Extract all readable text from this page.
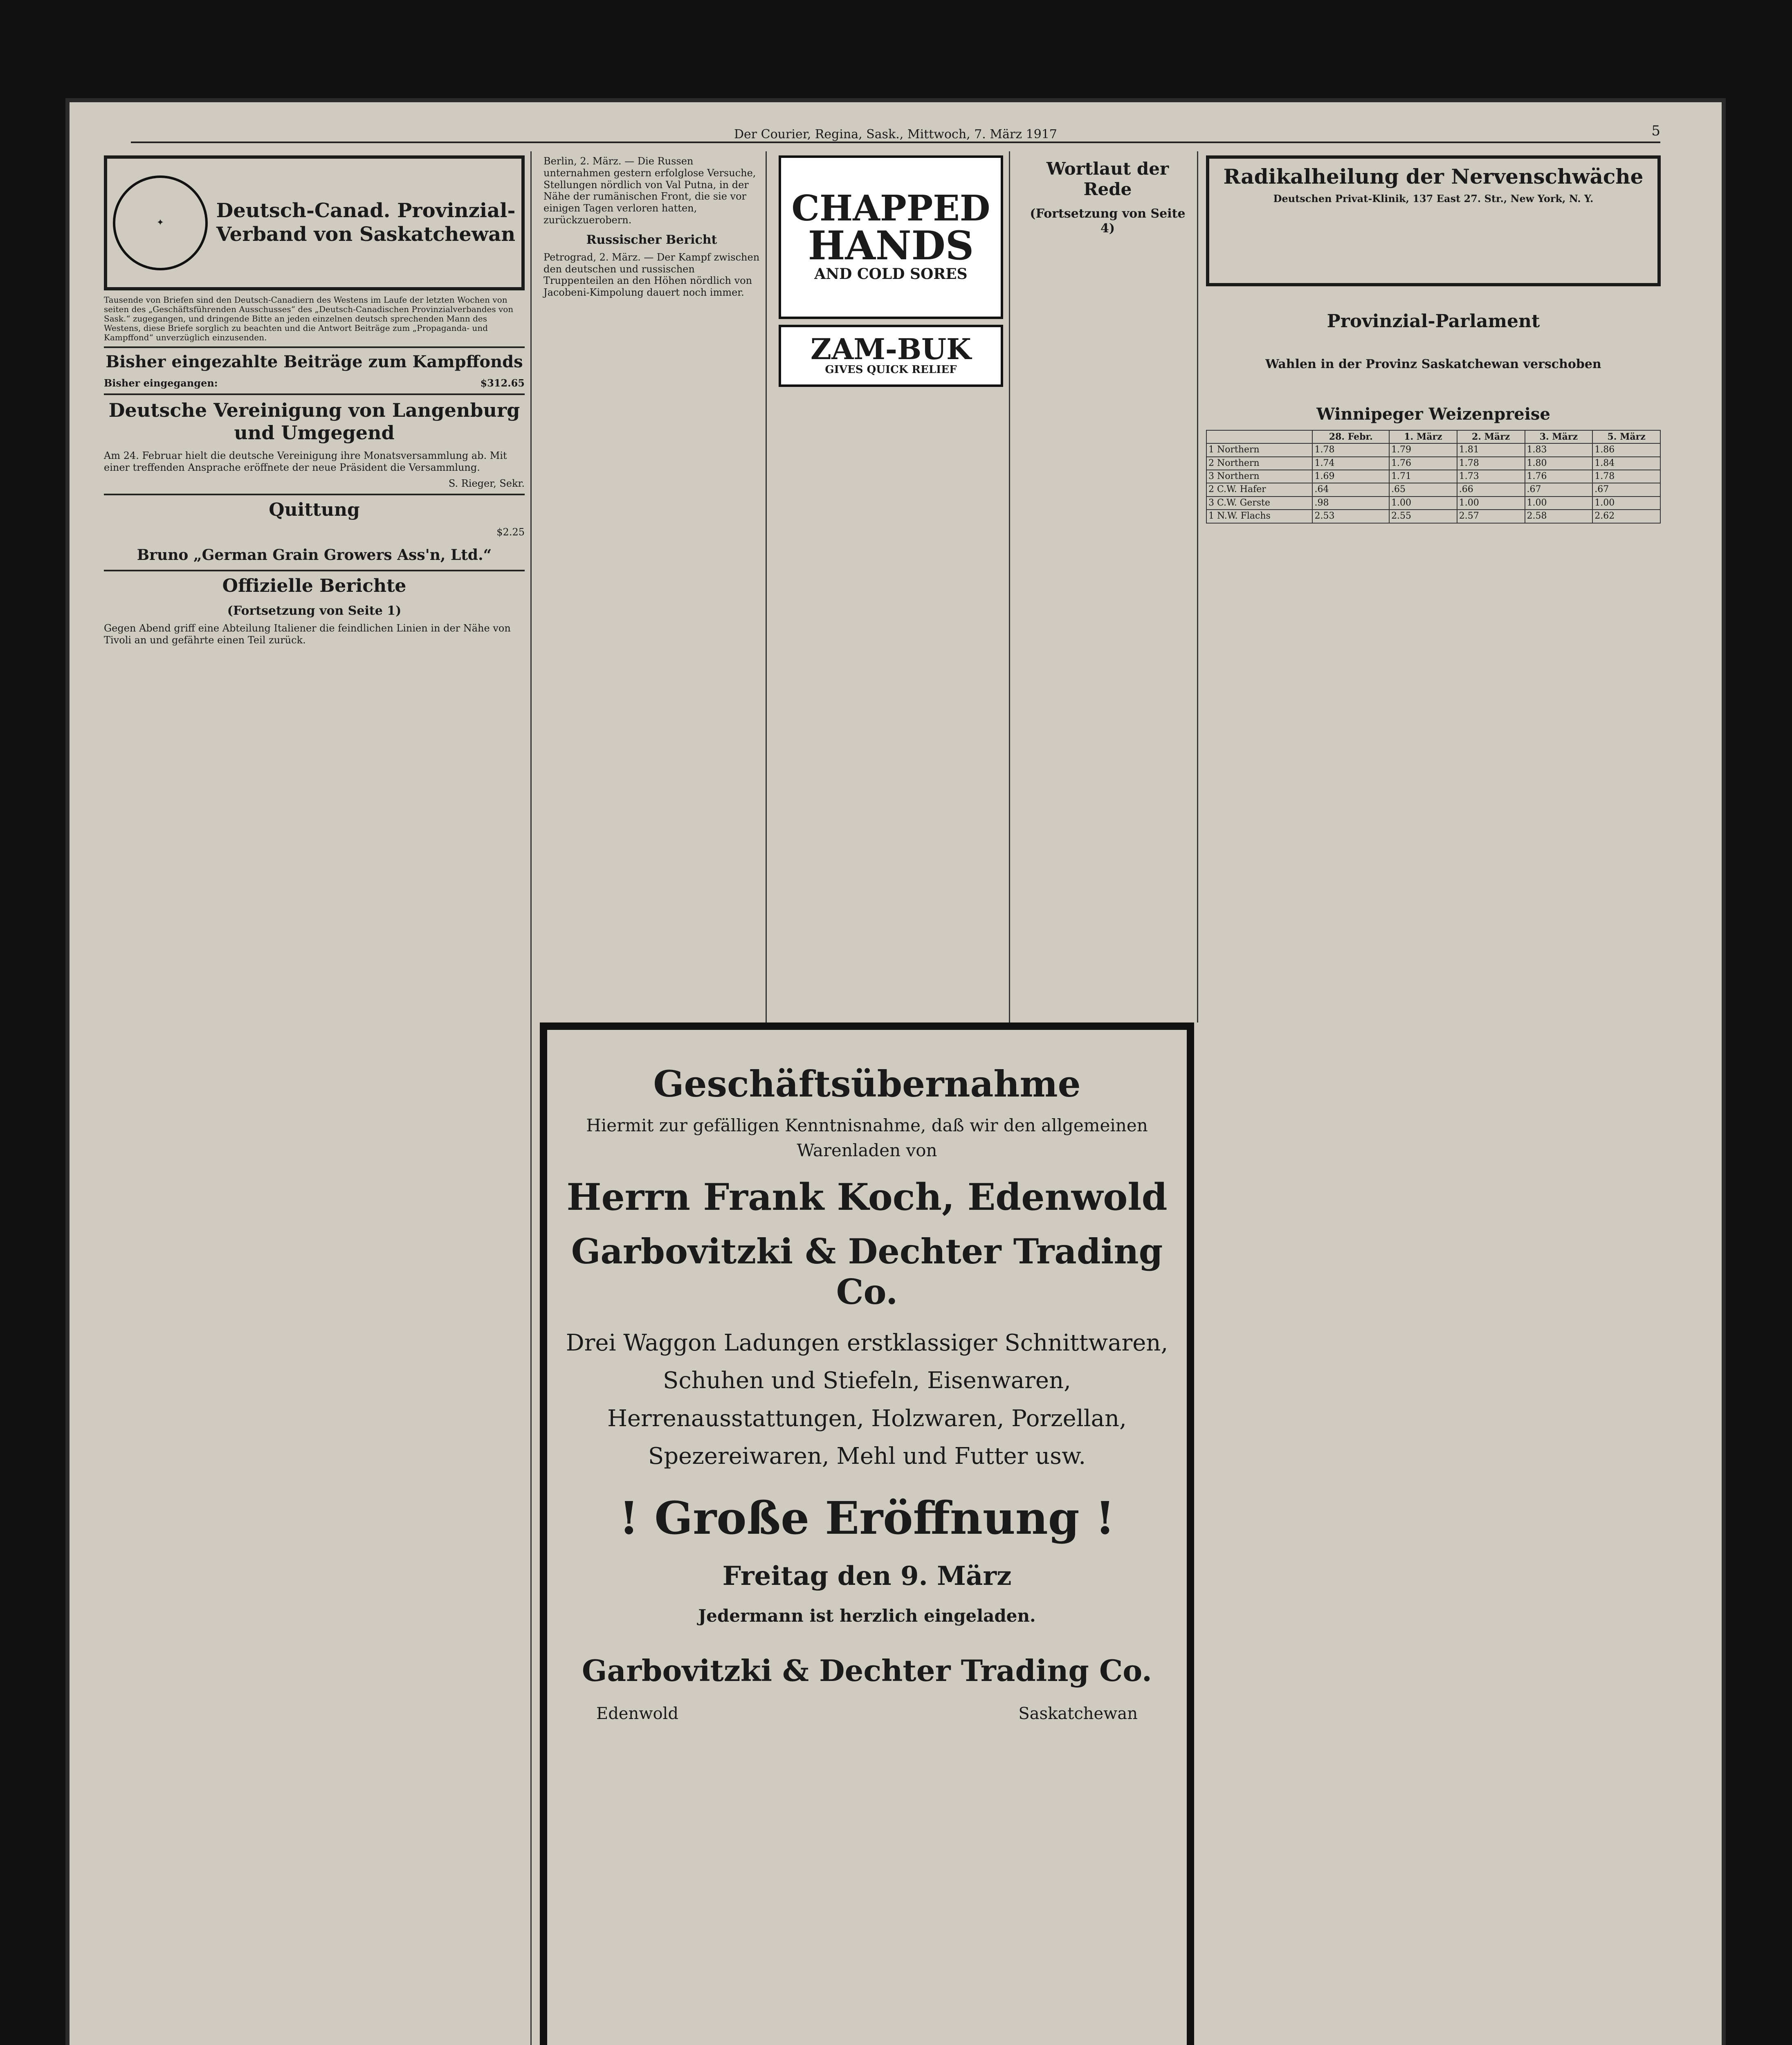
Der Courier, Regina, Sask., Mittwoch, 7. März 1917	5
✦
Deutsch-Canad. Provinzial-Verband von Saskatchewan
Tausende von Briefen sind den Deutsch-Canadiern des Westens im Laufe der letzten Wochen von seiten des „Geschäftsführenden Ausschusses“ des „Deutsch-Canadischen Provinzialverbandes von Sask.“ zugegangen, und dringende Bitte an jeden einzelnen deutsch sprechenden Mann des Westens, diese Briefe sorglich zu beachten und die Antwort Beiträge zum „Propaganda- und Kampffond“ unverzüglich einzusenden.
Bisher eingezahlte Beiträge zum Kampffonds
Bisher eingegangen:	$312.65
Deutsche Vereinigung von Langenburg und Umgegend
Am 24. Februar hielt die deutsche Vereinigung ihre Monatsversammlung ab. Mit einer treffenden Ansprache eröffnete der neue Präsident die Versammlung.
S. Rieger, Sekr.
Quittung
$2.25
Bruno „German Grain Growers Ass'n, Ltd.“
Offizielle Berichte
(Fortsetzung von Seite 1)
Gegen Abend griff eine Abteilung Italiener die feindlichen Linien in der Nähe von Tivoli an und gefährte einen Teil zurück.
Berlin, 2. März. — Die Russen unternahmen gestern erfolglose Versuche, Stellungen nördlich von Val Putna, in der Nähe der rumänischen Front, die sie vor einigen Tagen verloren hatten, zurückzuerobern.
Russischer Bericht
Petrograd, 2. März. — Der Kampf zwischen den deutschen und russischen Truppenteilen an den Höhen nördlich von Jacobeni-Kimpolung dauert noch immer.
CHAPPED
HANDS
AND COLD SORES
ZAM-BUK
GIVES QUICK RELIEF
Wortlaut der Rede
(Fortsetzung von Seite 4)
Radikalheilung der Nervenschwäche
Deutschen Privat-Klinik, 137 East 27. Str., New York, N. Y.
Provinzial-Parlament
Wahlen in der Provinz Saskatchewan verschoben
Winnipeger Weizenpreise
	28. Febr.	1. März	2. März	3. März	5. März
1 Northern	1.78	1.79	1.81	1.83	1.86
2 Northern	1.74	1.76	1.78	1.80	1.84
3 Northern	1.69	1.71	1.73	1.76	1.78
2 C.W. Hafer	.64	.65	.66	.67	.67
3 C.W. Gerste	.98	1.00	1.00	1.00	1.00
1 N.W. Flachs	2.53	2.55	2.57	2.58	2.62
Geschäftsübernahme
Hiermit zur gefälligen Kenntnisnahme, daß wir den allgemeinen Warenladen von
Herrn Frank Koch, Edenwold
Garbovitzki & Dechter Trading Co.
Drei Waggon Ladungen erstklassiger Schnittwaren, Schuhen und Stiefeln, Eisenwaren, Herrenausstattungen, Holzwaren, Porzellan, Spezereiwaren, Mehl und Futter usw.
! Große Eröffnung !
Freitag den 9. März
Jedermann ist herzlich eingeladen.
Garbovitzki & Dechter Trading Co.
Edenwold	Saskatchewan
